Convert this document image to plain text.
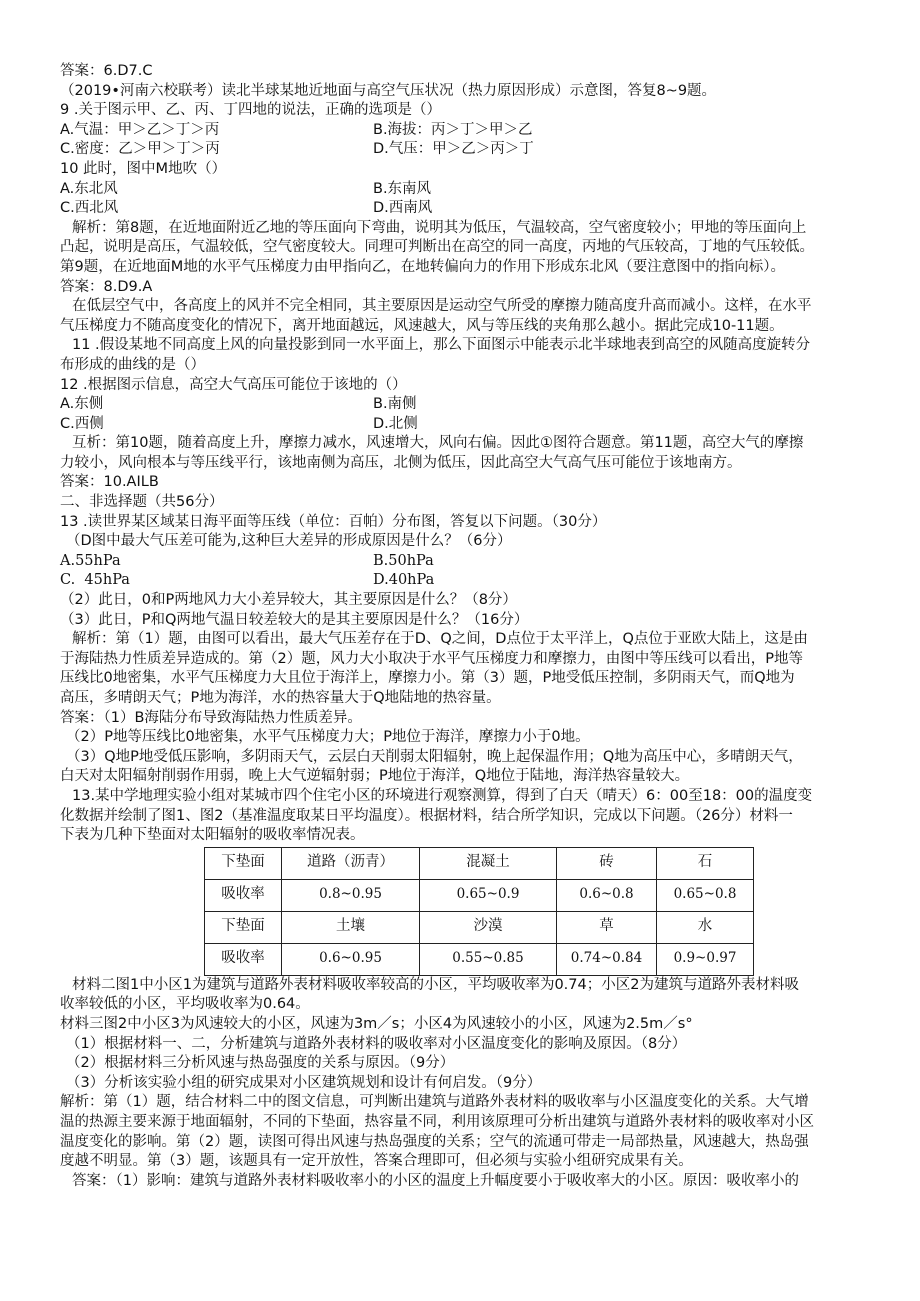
答案：6.D7.C
（2019•河南六校联考）读北半球某地近地面与高空气压状况（热力原因形成）示意图，答复8~9题。
9 .关于图示甲、乙、丙、丁四地的说法，正确的选项是（）
A.气温：甲＞乙＞丁＞丙	B.海拔：丙＞丁＞甲＞乙
C.密度：乙＞甲＞丁＞丙	D.气压：甲＞乙＞丙＞丁
10 此时，图中M地吹（）
A.东北风	B.东南风
C.西北风	D.西南风
解析：第8题，在近地面附近乙地的等压面向下弯曲，说明其为低压，气温较高，空气密度较小；甲地的等压面向上
凸起，说明是高压，气温较低，空气密度较大。同理可判断出在高空的同一高度，丙地的气压较高，丁地的气压较低。
第9题，在近地面M地的水平气压梯度力由甲指向乙，在地转偏向力的作用下形成东北风（要注意图中的指向标）。
答案：8.D9.A
在低层空气中，各高度上的风并不完全相同，其主要原因是运动空气所受的摩擦力随高度升高而减小。这样，在水平
气压梯度力不随高度变化的情况下，离开地面越远，风速越大，风与等压线的夹角那么越小。据此完成10-11题。
11 .假设某地不同高度上风的向量投影到同一水平面上，那么下面图示中能表示北半球地表到高空的风随高度旋转分
布形成的曲线的是（）
12 .根据图示信息，高空大气高压可能位于该地的（）
A.东侧	B.南侧
C.西侧	D.北侧
互析：第10题，随着高度上升，摩擦力减水，风速增大，风向右偏。因此①图符合题意。第11题，高空大气的摩擦
力较小，风向根本与等压线平行，该地南侧为高压，北侧为低压，因此高空大气高气压可能位于该地南方。
答案：10.AILB
二、非选择题（共56分）
13 .读世界某区域某日海平面等压线（单位：百帕）分布图，答复以下问题。（30分）
（D图中最大气压差可能为,这种巨大差异的形成原因是什么？（6分）
A.55hPa	B.50hPa
C.  45hPa	D.40hPa
（2）此日，0和P两地风力大小差异较大，其主要原因是什么？（8分）
（3）此日，P和Q两地气温日较差较大的是其主要原因是什么？（16分）
解析：第（1）题，由图可以看出，最大气压差存在于D、Q之间，D点位于太平洋上，Q点位于亚欧大陆上，这是由
于海陆热力性质差异造成的。第（2）题，风力大小取决于水平气压梯度力和摩擦力，由图中等压线可以看出，P地等
压线比0地密集，水平气压梯度力大且位于海洋上，摩擦力小。第（3）题，P地受低压控制，多阴雨天气，而Q地为
高压，多晴朗天气；P地为海洋，水的热容量大于Q地陆地的热容量。
答案：（1）B海陆分布导致海陆热力性质差异。
（2）P地等压线比0地密集，水平气压梯度力大；P地位于海洋，摩擦力小于0地。
（3）Q地P地受低压影响，多阴雨天气，云层白天削弱太阳辐射，晚上起保温作用；Q地为高压中心，多晴朗天气，
白天对太阳辐射削弱作用弱，晚上大气逆辐射弱；P地位于海洋，Q地位于陆地，海洋热容量较大。
13.某中学地理实验小组对某城市四个住宅小区的环境进行观察测算，得到了白天（晴天）6：00至18：00的温度变
化数据并绘制了图1、图2（基准温度取某日平均温度）。根据材料，结合所学知识，完成以下问题。（26分）材料一
下表为几种下垫面对太阳辐射的吸收率情况表。
下垫面	道路（沥青）	混凝土	砖	石
吸收率	0.8~0.95	0.65~0.9	0.6~0.8	0.65~0.8
下垫面	土壤	沙漠	草	水
吸收率	0.6~0.95	0.55~0.85	0.74~0.84	0.9~0.97
材料二图1中小区1为建筑与道路外表材料吸收率较高的小区，平均吸收率为0.74；小区2为建筑与道路外表材料吸
收率较低的小区，平均吸收率为0.64。
材料三图2中小区3为风速较大的小区，风速为3m／s；小区4为风速较小的小区，风速为2.5m／s°
（1）根据材料一、二，分析建筑与道路外表材料的吸收率对小区温度变化的影响及原因。（8分）
（2）根据材料三分析风速与热岛强度的关系与原因。（9分）
（3）分析该实验小组的研究成果对小区建筑规划和设计有何启发。（9分）
解析：第（1）题，结合材料二中的图文信息，可判断出建筑与道路外表材料的吸收率与小区温度变化的关系。大气增
温的热源主要来源于地面辐射，不同的下垫面，热容量不同，利用该原理可分析出建筑与道路外表材料的吸收率对小区
温度变化的影响。第（2）题，读图可得出风速与热岛强度的关系；空气的流通可带走一局部热量，风速越大，热岛强
度越不明显。第（3）题，该题具有一定开放性，答案合理即可，但必须与实验小组研究成果有关。
答案：（1）影响：建筑与道路外表材料吸收率小的小区的温度上升幅度要小于吸收率大的小区。原因：吸收率小的
